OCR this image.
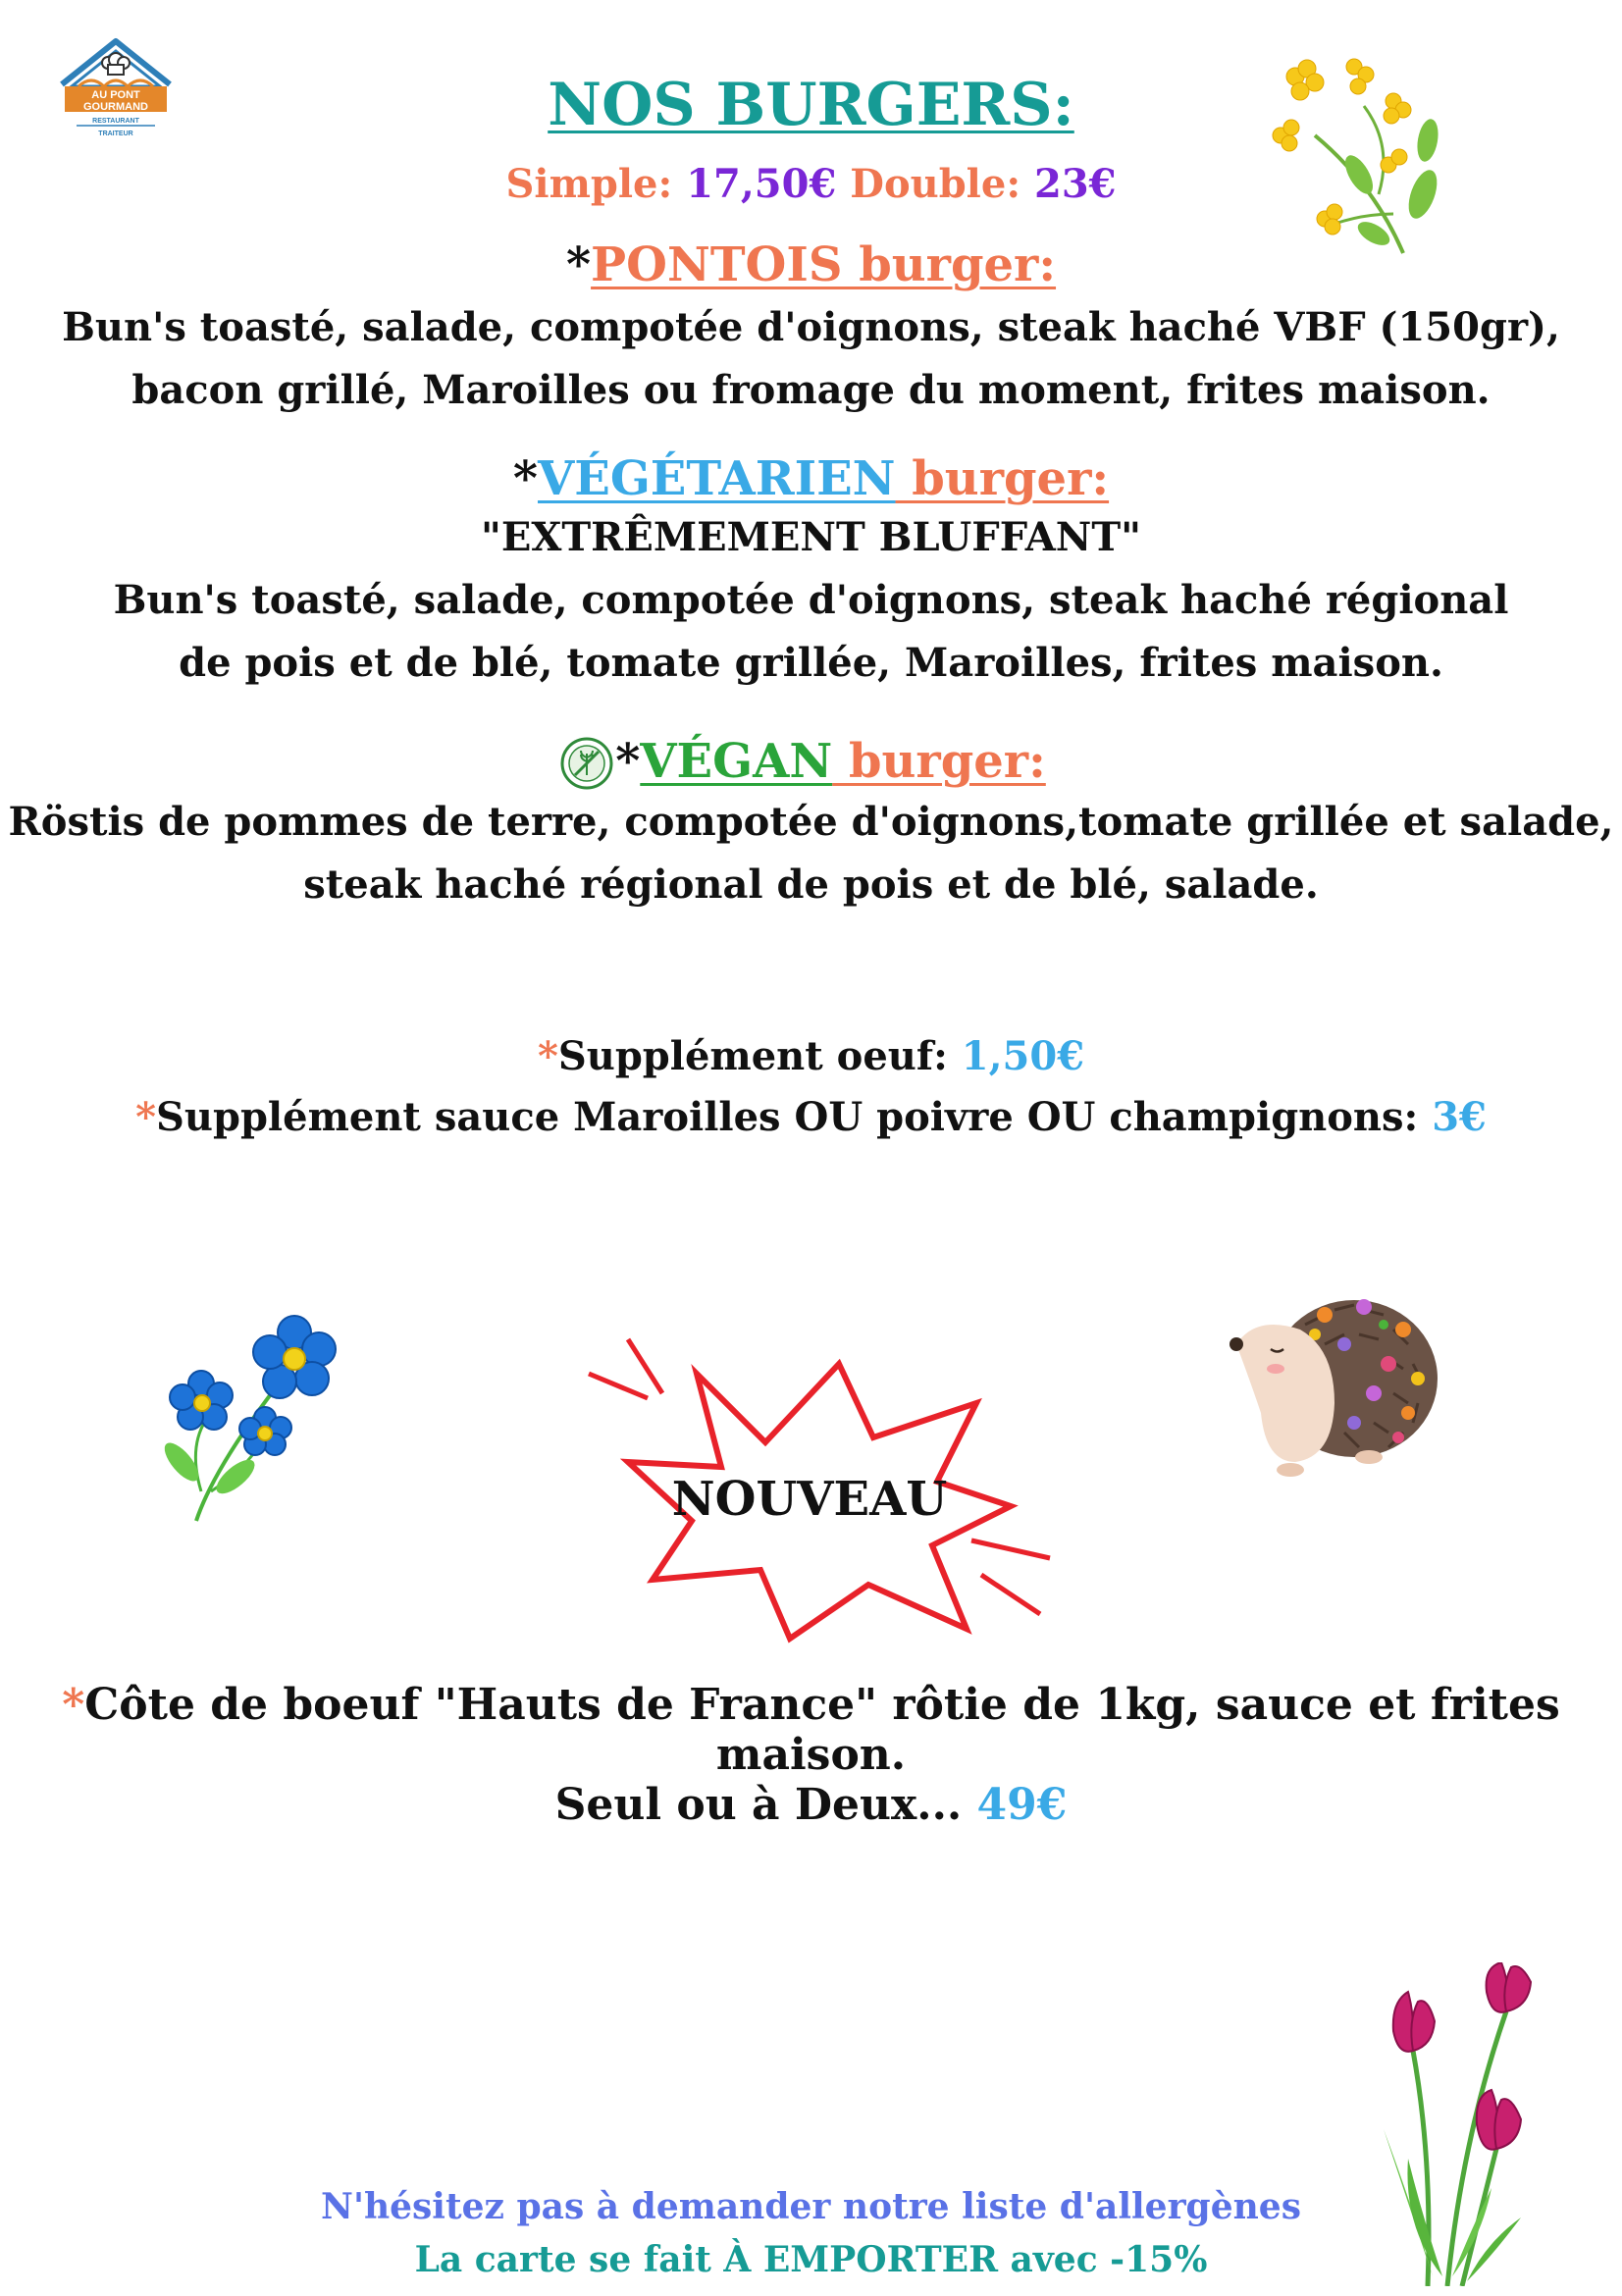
AU PONT
GOURMAND
RESTAURANT
TRAITEUR	NOS BURGERS:
Simple: 17,50€ Double: 23€
*PONTOIS burger:
Bun's toasté, salade, compotée d'oignons, steak haché VBF (150gr),
bacon grillé, Maroilles ou fromage du moment, frites maison.
*VÉGÉTARIEN burger:
"EXTRÊMEMENT BLUFFANT"
Bun's toasté, salade, compotée d'oignons, steak haché régional
de pois et de blé, tomate grillée, Maroilles, frites maison.
*VÉGAN burger:
Röstis de pommes de terre, compotée d'oignons,tomate grillée et salade,
steak haché régional de pois et de blé, salade.
*Supplément oeuf: 1,50€
*Supplément sauce Maroilles OU poivre OU champignons: 3€
NOUVEAU
*Côte de boeuf "Hauts de France" rôtie de 1kg, sauce et frites maison.
Seul ou à Deux... 49€
N'hésitez pas à demander notre liste d'allergènes
La carte se fait À EMPORTER avec -15%
